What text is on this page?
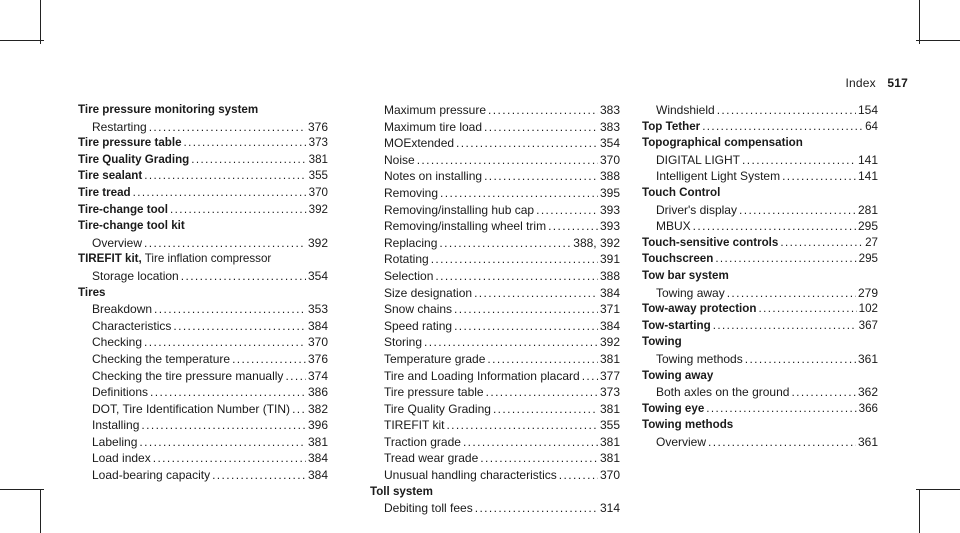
Index 517
Tire pressure monitoring system
Restarting .....	376
Tire pressure table .....	373
Tire Quality Grading .....	381
Tire sealant .....	355
Tire tread .....	370
Tire-change tool .....	392
Tire-change tool kit
Overview .....	392
TIREFIT kit, Tire inflation compressor
Storage location .....	354
Tires
Breakdown .....	353
Characteristics .....	384
Checking .....	370
Checking the temperature .....	376
Checking the tire pressure manually ..... 374
Definitions .....	386
DOT, Tire Identification Number (TIN) ..... 382
Installing .....	396
Labeling .....	381
Load index .....	384
Load-bearing capacity .....	384
Maximum pressure .....	383
Maximum tire load .....	383
MOExtended .....	354
Noise .....	370
Notes on installing .....	388
Removing .....	395
Removing/installing hub cap .....	393
Removing/installing wheel trim .....	393
Replacing .....	388, 392
Rotating .....	391
Selection .....	388
Size designation .....	384
Snow chains .....	371
Speed rating .....	384
Storing .....	392
Temperature grade .....	381
Tire and Loading Information placard ..... 377
Tire pressure table .....	373
Tire Quality Grading .....	381
TIREFIT kit .....	355
Traction grade .....	381
Tread wear grade .....	381
Unusual handling characteristics .....	370
Toll system
Debiting toll fees .....	314
Windshield .....	154
Top Tether .....	64
Topographical compensation
DIGITAL LIGHT .....	141
Intelligent Light System .....	141
Touch Control
Driver's display .....	281
MBUX .....	295
Touch-sensitive controls .....	27
Touchscreen .....	295
Tow bar system
Towing away .....	279
Tow-away protection .....	102
Tow-starting .....	367
Towing
Towing methods .....	361
Towing away
Both axles on the ground .....	362
Towing eye .....	366
Towing methods
Overview .....	361
